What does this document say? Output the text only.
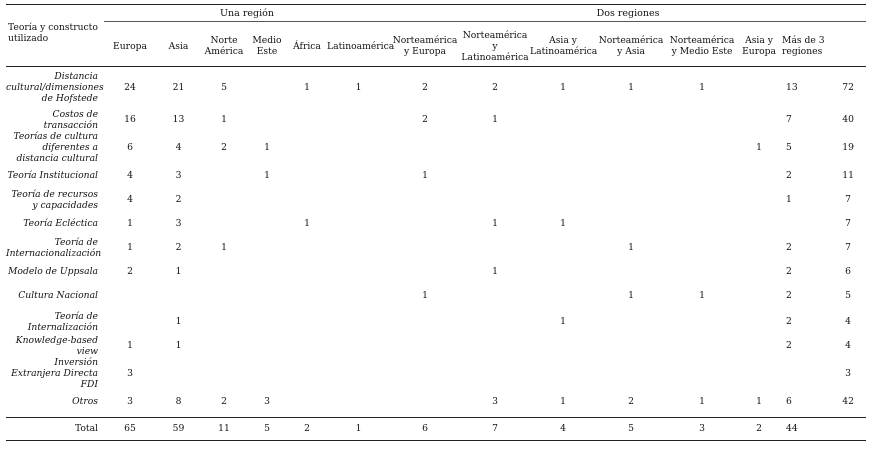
	Una región						Dos regiones							
Teoría y constructo utilizado	Europa	Asia	Norte América	Medio Este	África	Latinoamérica	Norteamérica y Europa	Norteamérica y Latinoamérica	Asia y Latinoamérica	Norteamérica y Asia	Norteamérica y Medio Este	Asia y Europa	Más de 3 regiones	
Distancia cultural/dimensiones de Hofstede	24	21	5		1	1	2	2	1	1	1		13	72
Costos de transacción	16	13	1				2	1					7	40
Teorías de cultura diferentes a distancia cultural	6	4	2	1								1	5	19
Teoría Institucional	4	3		1			1						2	11
Teoría de recursos y capacidades	4	2											1	7
Teoría Ecléctica	1	3			1			1	1					7
Teoría de Internacionalización	1	2	1							1			2	7
Modelo de Uppsala	2	1						1					2	6
Cultura Nacional							1			1	1		2	5
Teoría de Internalización		1							1				2	4
Knowledge-based view	1	1											2	4
Inversión Extranjera Directa FDI	3													3
Otros	3	8	2	3				3	1	2	1	1	6	42

Total	65	59	11	5	2	1	6	7	4	5	3	2	44	
